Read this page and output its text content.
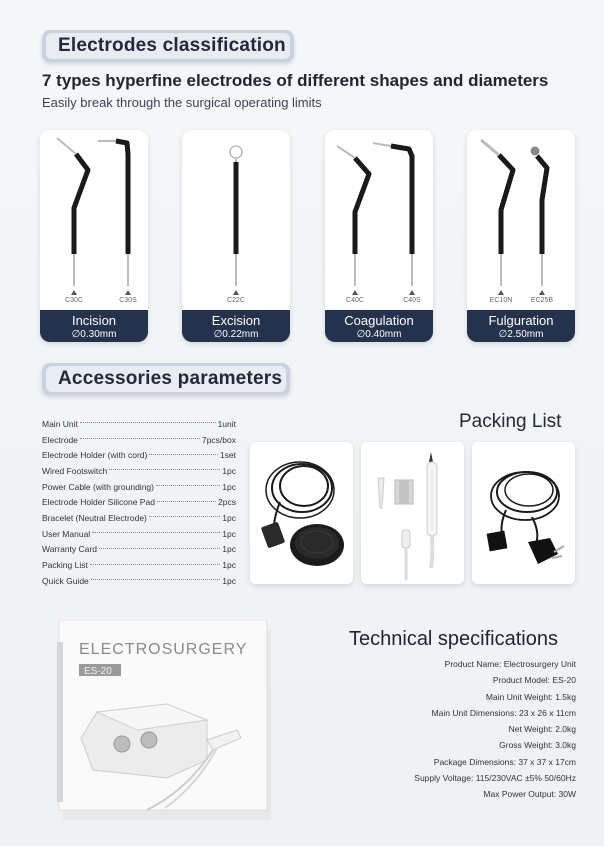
Electrodes classification
7 types hyperfine electrodes of different shapes and diameters
Easily break through the surgical operating limits
C30C	C30S
Incision
∅0.30mm
C22C
Excision
∅0.22mm
C40C	C40S
Coagulation
∅0.40mm
EC10N	EC25B
Fulguration
∅2.50mm
Accessories parameters
Main Unit	1unit
Electrode	7pcs/box
Electrode Holder (with cord)	1set
Wired Footswitch	1pc
Power Cable (with grounding)	1pc
Electrode Holder Silicone Pad	2pcs
Bracelet (Neutral Electrode)	1pc
User Manual	1pc
Warranty Card	1pc
Packing List	1pc
Quick Guide	1pc
Packing List
ELECTROSURGERY
ES-20
Technical specifications
Product Name: Electrosurgery Unit
Product Model: ES-20
Main Unit Weight: 1.5kg
Main Unit Dimensions: 23 x 26 x 11cm
Net Weight: 2.0kg
Gross Weight: 3.0kg
Package Dimensions: 37 x 37 x 17cm
Supply Voltage: 115/230VAC ±5% 50/60Hz
Max Power Output: 30W
